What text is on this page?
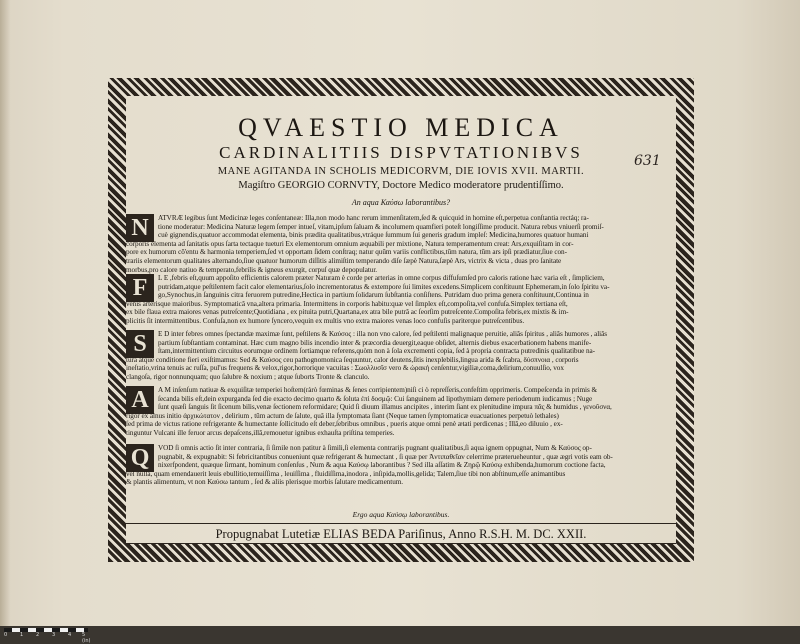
631
QVAESTIO MEDICA
CARDINALITIIS DISPVTATIONIBVS
MANE AGITANDA IN SCHOLIS MEDICORVM, DIE IOVIS XVII. MARTII.
Magiſtro GEORGIO CORNVTY, Doctore Medico moderatore prudentiſſimo.
An aqua Καύσω laborantibus?
N	ATVRÆ legibus ſunt Medicinæ leges conſentaneæ: Illa,non modo hanc rerum immenſitatem,ſed & quicquid in homine eſt,perpetua conſtantia rectáq; ra-
tione moderatur: Medicina Naturæ legem ſemper intueſ, vitam,ipſum ſaluam & incolumem quamfieri poteſt longiſſime producit. Natura rebus vniuerſi promiſ-
cuè gignendis,quatuor accommodat elementa, binis prædita qualitatibus,vtráque ſummum ſui generis gradum impleſ: Medicina,humores quatuor humani
corporis elementa ad ſanitatis opus ſarta tectaque tueturi Ex elementorum omnium æquabili per mixtione, Natura temperamentum creat: Ars,exquiſitam in cor-
pore ex humorum cō'entu & harmonia temperiem,ſed vt opportam ſidem conſtraq; natur quūm variis conflictibus,tūm natura, tūm ars ipſi prædiatur,ſiue con-
trariis elementorum qualitates alternando,ſiue quatuor humorum diſſitis alimiſtim temperando diſe ſæpè Natura,ſæpè Ars, victrix & victa , duas pro ſanitate
morbus,pro calore natiuo & temperato,febrilis & igneus exurgit, corpuſ quæ depopulatur.
F	L E ,febris eſt,quum appoſito efficientis calorem præter Naturam è corde per arterias in omne corpus diffuſumſed pro caloris ratione hæc varia eſt , ſimpliciem,
putridam,atque peſtilentem facit calor elementarius,ſolo incrementoratus & extempore ſui limites excedens.Simplicem conſtituunt Ephemeram,in ſolo ſpiritu va-
go,Synochus,in ſanguinis citra feruorem putredine,Hectica in partium ſolidarum ſubſtantia conſiſtens. Putridam duo prima genera conſtituunt,Continua in
venis arterisque maioribus. Symptomaticâ vna,altera primaria. Intermittens in corporis habitu:quæ vel ſimplex eſt,compoſita,vel confuſa.Simplex tertiana eſt,
ex bile flaua extra maiores venas putreſcente;Quotidiana , ex pituita putri,Quartana,ex atra bile putrâ ac ſeorſim putreſcente.Compoſita febris,ex mixtis & im-
plicitis ſit intermittentibus. Confuſa,non ex humore ſyncero,vequin ex multis vno extra maiores venas loco confuſis pariterque putreſcentibus.
S	E D inter febres omnes ſpectandæ maximæ ſunt, peſtilens & Καύσος : illa non vno calore, ſed peſtilenti malignaque peruitie, aliâs ſpiritus , aliâs humores , aliâs
partium ſubſtantiam contaminat. Hæc cum magno bilis incendio inter & præcordia deuergit,eaque obſidet, alternis diebus exacerbationem habens manife-
ſtam,intermittentium circuitus eorumque ordinem ſortiamque referens,quòm non à ſola excrementi copia, ſed à propria contracta putredinis qualitatibue na-
tura atque conditione fieri exiſtimamus: Sed & Καύσος ceu pathognomonica ſequuntur, calor deutens,ſitis inexplebilis,lingua arida & ſcabra, δύσπνοια , corporis
ineſtatio,vrina tenuis ac ruſſa, pul'us frequens & velox,rigor,horrorique vacuitas : Σωολλυσῖσ vero & ὠρακή cenſentur,vigiliæ,coma,delirium,conuulſio, vox
clangoſa, rigor nonnunquam; quo ſalubre & noxium ; atque ſuborts Tronte & clanculo.
A	A M inſenſum natiuæ & exquiſitæ temperiei hoſtem(ràrò fœminas & ſenes corripientem)niſi ci ò repreſſeris,confeſtim opprimeris. Compeſcenda in primis &
ſecanda bilis eſt,dein expurganda ſed die exacto decimo quarto & ſoluta ἐπὶ δοσμῷ: Cui ſanguinem ad lipothymiam demere periodenum iudicamus ; Nuge
ſunt quæſi ſanguis ſit ſicenum bilis,venæ ſectionem reformidare; Quid ſi diuum illamus ancipites , interim ſiant ex plenitudine impura πᾶς & humidus , γενοῦσνα,
rigor ex alnus initio ἀρχικώτατον , delirium , tūm actum de ſalute, quâ illa ſymptomata ſiant (Neque tamen ſymptomaticæ euacuationes perpetuò lethales)
ſed prima de victus ratione refrigerante & humectante ſollicitudo eſt deber,ſebribus omnibus , pueris atque omni penè ætati perdicenas ; Illâ,eo diluuio , ex-
tinguntur Vulcani ille feruor arcus depaſcens,illâ,remouetur ignibus exhauſta priſtina temperies.
Q	VOD ſi omnis actio ſit inter contraria, ſi ſimile non patitur à ſimili,ſi elementa contrarijs pugnant qualitatibus,ſi aqua ignem oppugnat, Num & Καύσος op-
pugnabit, & expugnabit: Si febricitantibus conueniunt quæ refrigerant & humectant , ſi quæ per Ἀντιπαθεῖαν celerrime præterueheuntur , quæ ægri votis eam ob-
nixerſpondent, quæque ſirmant, hominum conſenſus , Num & aqua Καύσῳ laborantibus ? Sed illa aſſatim & Ζηρῷ Καύσῳ exhibenda,humorum coctione facta,
vel nulla, quam emendauerit leuis ebullitio,temuiſſima , leuiſſima , fluidiſſima,inodora , inſipida,mollis,gelida; Talem,ſiue tibi non abſtinum,eſſe animantibus
& plantis alimentum, vt non Καύσω tantum , ſed & aliis plerisque morbis ſalutare medicamentum.
Ergo aqua Καύσῳ laborantibus.
Propugnabat Lutetiæ ELIAS BEDA Pariſinus, Anno R.S.H. M. DC. XXII.
0	1	2	3	4 5 (in)
